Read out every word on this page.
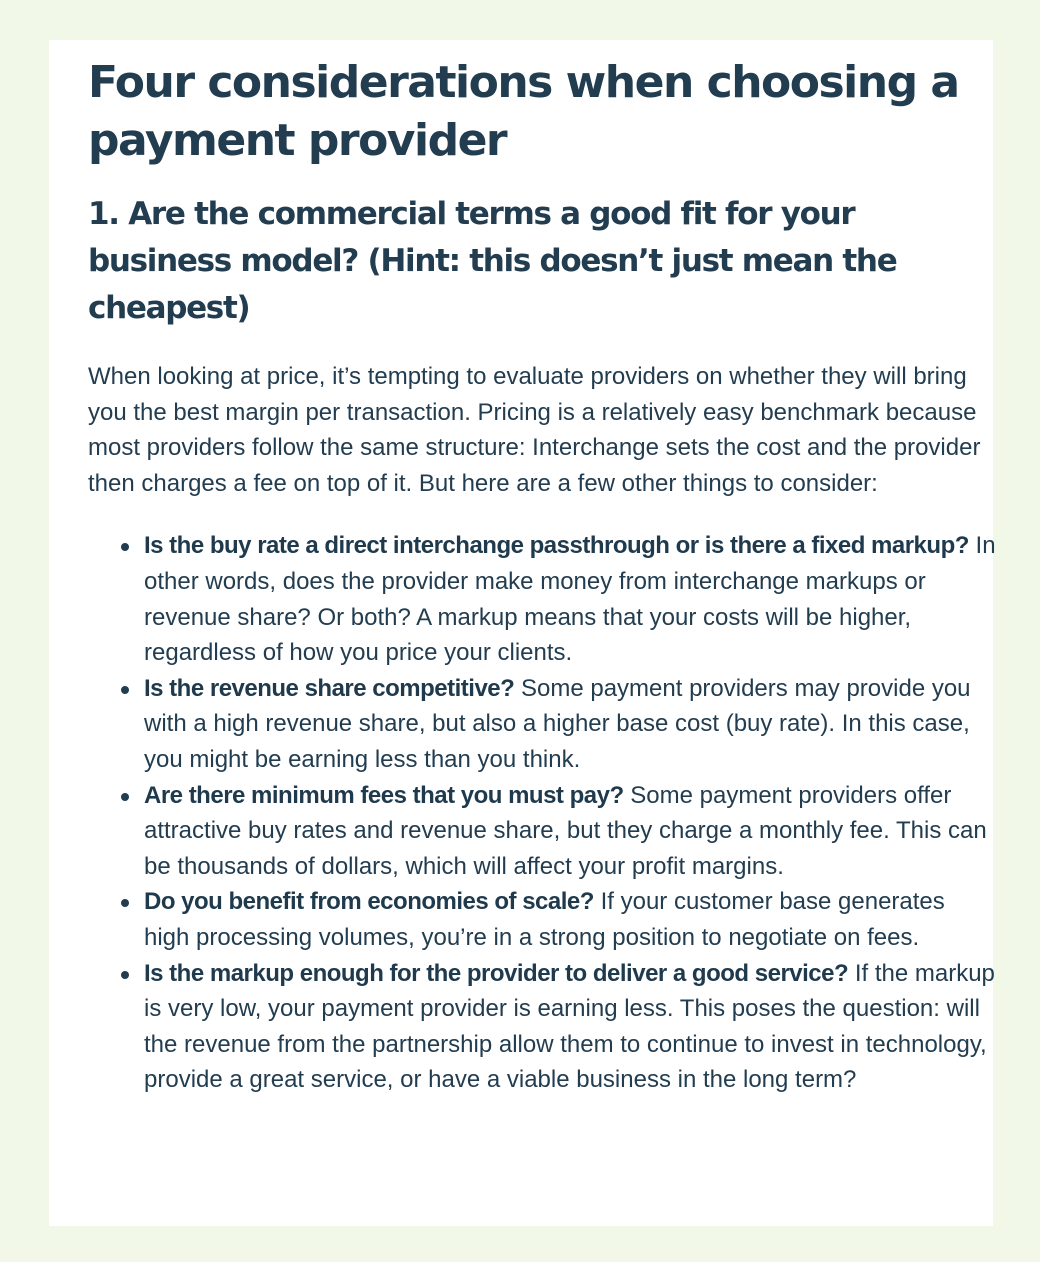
Four considerations when choosing a payment provider
1. Are the commercial terms a good fit for your business model? (Hint: this doesn’t just mean the cheapest)

When looking at price, it’s tempting to evaluate providers on whether they will bring you the best margin per transaction. Pricing is a relatively easy benchmark because most providers follow the same structure: Interchange sets the cost and the provider then charges a fee on top of it. But here are a few other things to consider:

Is the buy rate a direct interchange passthrough or is there a fixed markup? In other words, does the provider make money from interchange markups or revenue share? Or both? A markup means that your costs will be higher, regardless of how you price your clients.
Is the revenue share competitive? Some payment providers may provide you with a high revenue share, but also a higher base cost (buy rate). In this case, you might be earning less than you think.
Are there minimum fees that you must pay? Some payment providers offer attractive buy rates and revenue share, but they charge a monthly fee. This can be thousands of dollars, which will affect your profit margins.
Do you benefit from economies of scale? If your customer base generates high processing volumes, you’re in a strong position to negotiate on fees.
Is the markup enough for the provider to deliver a good service? If the markup is very low, your payment provider is earning less. This poses the question: will the revenue from the partnership allow them to continue to invest in technology, provide a great service, or have a viable business in the long term?
